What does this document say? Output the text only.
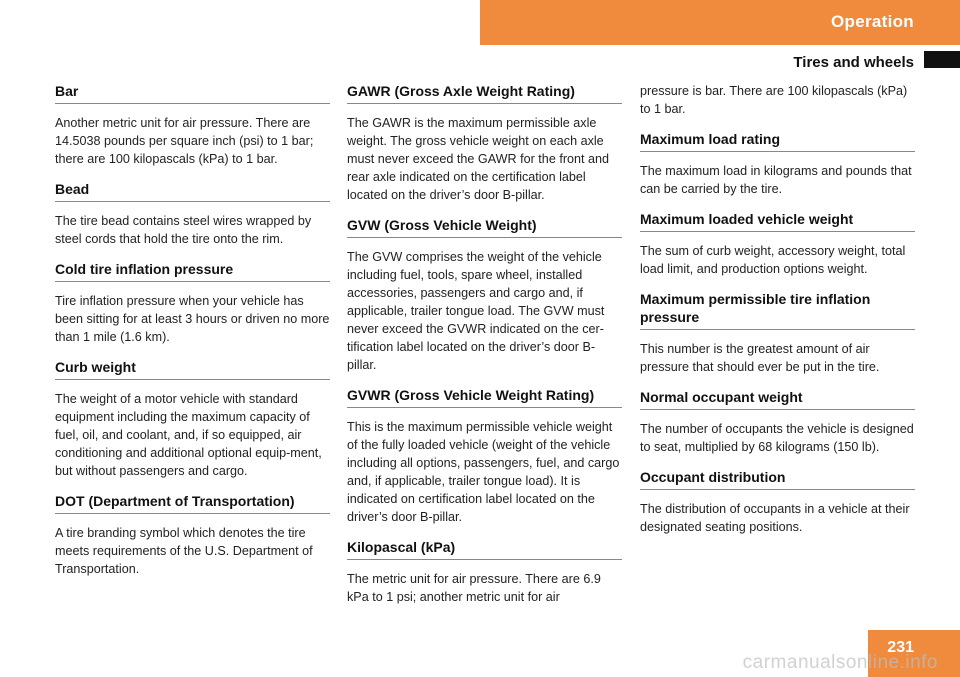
Operation
Tires and wheels
Bar

Another metric unit for air pressure. There are 14.5038 pounds per square inch (psi) to 1 bar; there are 100 kilopascals (kPa) to 1 bar.

Bead

The tire bead contains steel wires wrapped by steel cords that hold the tire onto the rim.

Cold tire inflation pressure

Tire inflation pressure when your vehicle has been sitting for at least 3 hours or driven no more than 1 mile (1.6 km).

Curb weight

The weight of a motor vehicle with standard equipment including the maximum capacity of fuel, oil, and coolant, and, if so equipped, air conditioning and additional optional equip-ment, but without passengers and cargo.

DOT (Department of Transportation)

A tire branding symbol which denotes the tire meets requirements of the U.S. Department of Transportation.

GAWR (Gross Axle Weight Rating)

The GAWR is the maximum permissible axle weight. The gross vehicle weight on each axle must never exceed the GAWR for the front and rear axle indicated on the certification label located on the driver’s door B-pillar.

GVW (Gross Vehicle Weight)

The GVW comprises the weight of the vehicle including fuel, tools, spare wheel, installed accessories, passengers and cargo and, if applicable, trailer tongue load. The GVW must never exceed the GVWR indicated on the cer-tification label located on the driver’s door B-pillar.

GVWR (Gross Vehicle Weight Rating)

This is the maximum permissible vehicle weight of the fully loaded vehicle (weight of the vehicle including all options, passengers, fuel, and cargo and, if applicable, trailer tongue load). It is indicated on certification label located on the driver’s door B-pillar.

Kilopascal (kPa)

The metric unit for air pressure. There are 6.9 kPa to 1 psi; another metric unit for air

pressure is bar. There are 100 kilopascals (kPa) to 1 bar.

Maximum load rating

The maximum load in kilograms and pounds that can be carried by the tire.

Maximum loaded vehicle weight

The sum of curb weight, accessory weight, total load limit, and production options weight.

Maximum permissible tire inflation pressure

This number is the greatest amount of air pressure that should ever be put in the tire.

Normal occupant weight

The number of occupants the vehicle is designed to seat, multiplied by 68 kilograms (150 lb).

Occupant distribution

The distribution of occupants in a vehicle at their designated seating positions.

231
carmanualsonline.info
